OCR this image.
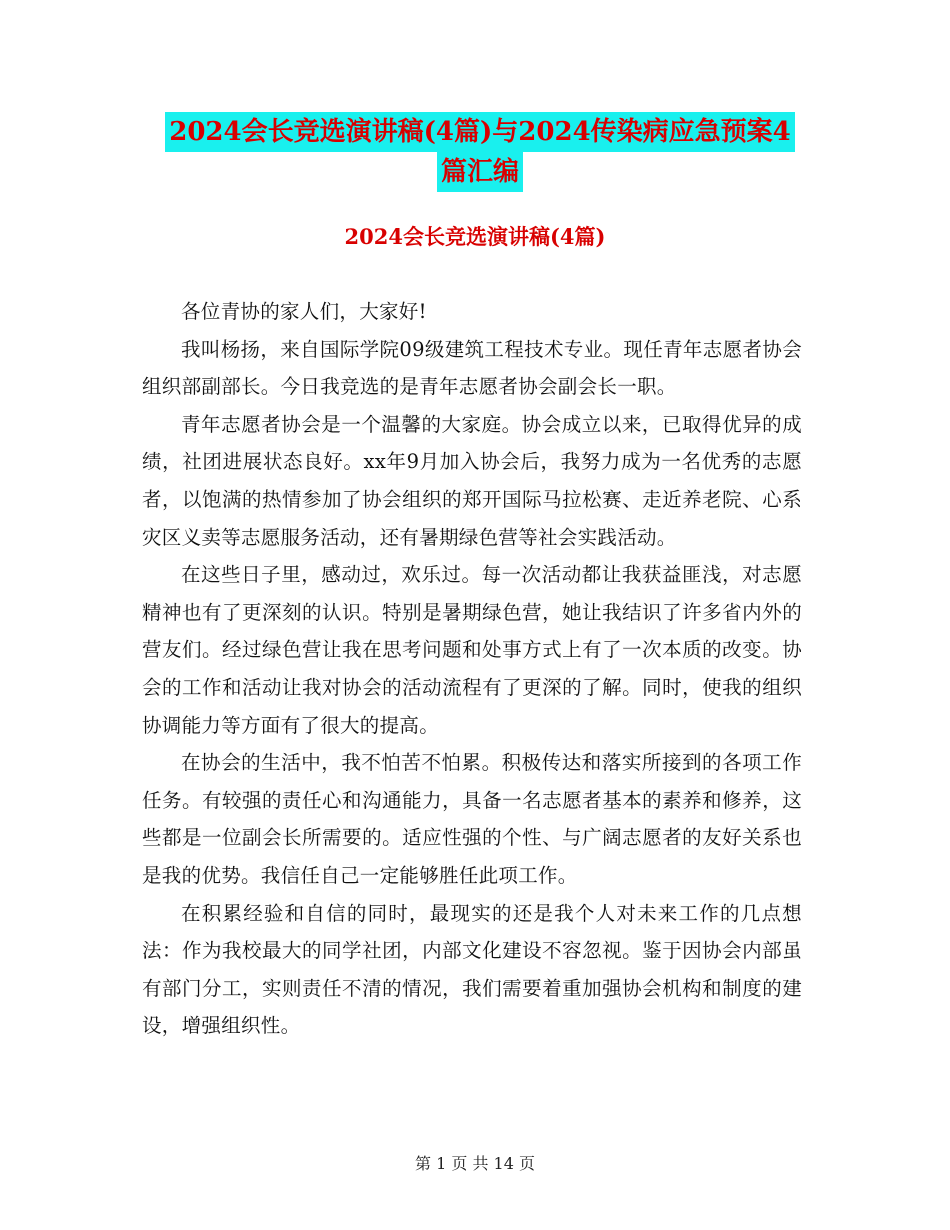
2024会长竞选演讲稿(4篇)与2024传染病应急预案4
篇汇编
2024会长竞选演讲稿(4篇)

各位青协的家人们，大家好!

我叫杨扬，来自国际学院09级建筑工程技术专业。现任青年志愿者协会组织部副部长。今日我竞选的是青年志愿者协会副会长一职。

青年志愿者协会是一个温馨的大家庭。协会成立以来，已取得优异的成绩，社团进展状态良好。xx年9月加入协会后，我努力成为一名优秀的志愿者，以饱满的热情参加了协会组织的郑开国际马拉松赛、走近养老院、心系灾区义卖等志愿服务活动，还有暑期绿色营等社会实践活动。

在这些日子里，感动过，欢乐过。每一次活动都让我获益匪浅，对志愿精神也有了更深刻的认识。特别是暑期绿色营，她让我结识了许多省内外的营友们。经过绿色营让我在思考问题和处事方式上有了一次本质的改变。协会的工作和活动让我对协会的活动流程有了更深的了解。同时，使我的组织协调能力等方面有了很大的提高。

在协会的生活中，我不怕苦不怕累。积极传达和落实所接到的各项工作任务。有较强的责任心和沟通能力，具备一名志愿者基本的素养和修养，这些都是一位副会长所需要的。适应性强的个性、与广阔志愿者的友好关系也是我的优势。我信任自己一定能够胜任此项工作。

在积累经验和自信的同时，最现实的还是我个人对未来工作的几点想法：作为我校最大的同学社团，内部文化建设不容忽视。鉴于因协会内部虽有部门分工，实则责任不清的情况，我们需要着重加强协会机构和制度的建设，增强组织性。

第 1 页 共 14 页
